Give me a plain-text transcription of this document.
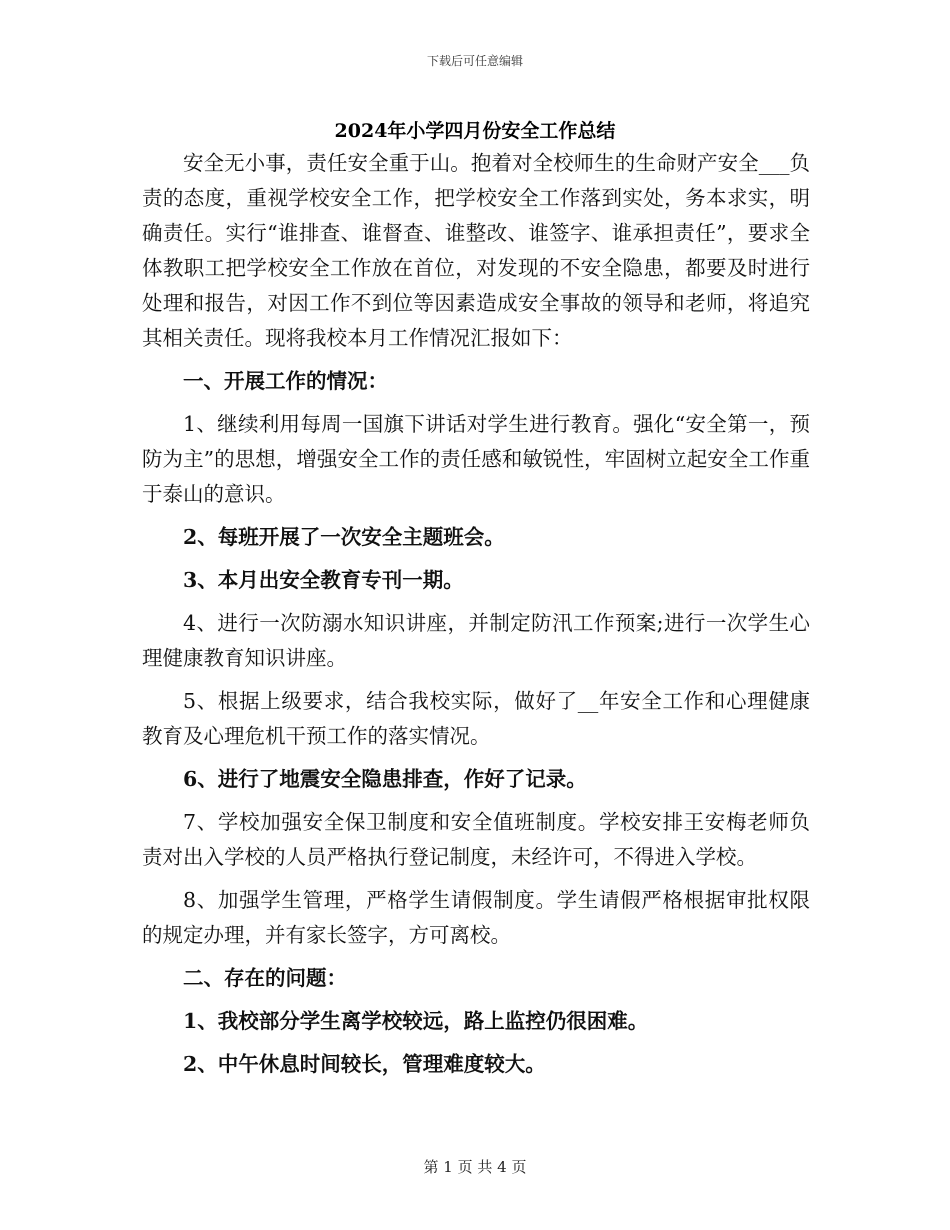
下载后可任意编辑
2024年小学四月份安全工作总结

安全无小事，责任安全重于山。抱着对全校师生的生命财产安全___负责的态度，重视学校安全工作，把学校安全工作落到实处，务本求实，明确责任。实行“谁排查、谁督查、谁整改、谁签字、谁承担责任”，要求全体教职工把学校安全工作放在首位，对发现的不安全隐患，都要及时进行处理和报告，对因工作不到位等因素造成安全事故的领导和老师，将追究其相关责任。现将我校本月工作情况汇报如下：

一、开展工作的情况：

1、继续利用每周一国旗下讲话对学生进行教育。强化“安全第一，预防为主”的思想，增强安全工作的责任感和敏锐性，牢固树立起安全工作重于泰山的意识。

2、每班开展了一次安全主题班会。

3、本月出安全教育专刊一期。

4、进行一次防溺水知识讲座，并制定防汛工作预案;进行一次学生心理健康教育知识讲座。

5、根据上级要求，结合我校实际，做好了__年安全工作和心理健康教育及心理危机干预工作的落实情况。

6、进行了地震安全隐患排查，作好了记录。

7、学校加强安全保卫制度和安全值班制度。学校安排王安梅老师负责对出入学校的人员严格执行登记制度，未经许可，不得进入学校。

8、加强学生管理，严格学生请假制度。学生请假严格根据审批权限的规定办理，并有家长签字，方可离校。

二、存在的问题：

1、我校部分学生离学校较远，路上监控仍很困难。

2、中午休息时间较长，管理难度较大。

第 1 页 共 4 页
